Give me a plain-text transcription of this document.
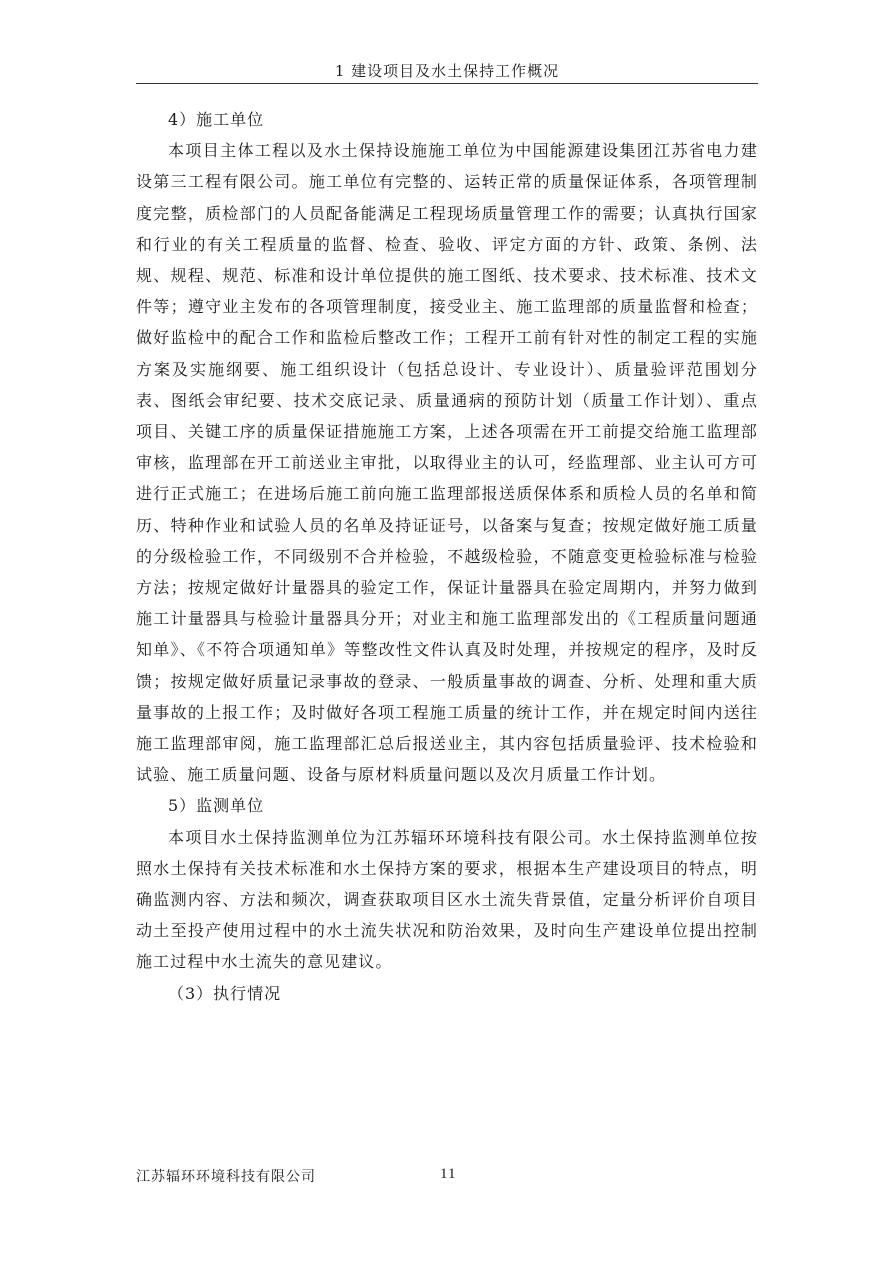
1 建设项目及水土保持工作概况

4）施工单位

本项目主体工程以及水土保持设施施工单位为中国能源建设集团江苏省电力建设第三工程有限公司。施工单位有完整的、运转正常的质量保证体系，各项管理制度完整，质检部门的人员配备能满足工程现场质量管理工作的需要；认真执行国家和行业的有关工程质量的监督、检查、验收、评定方面的方针、政策、条例、法规、规程、规范、标准和设计单位提供的施工图纸、技术要求、技术标准、技术文件等；遵守业主发布的各项管理制度，接受业主、施工监理部的质量监督和检查；做好监检中的配合工作和监检后整改工作；工程开工前有针对性的制定工程的实施方案及实施纲要、施工组织设计（包括总设计、专业设计）、质量验评范围划分表、图纸会审纪要、技术交底记录、质量通病的预防计划（质量工作计划）、重点项目、关键工序的质量保证措施施工方案，上述各项需在开工前提交给施工监理部审核，监理部在开工前送业主审批，以取得业主的认可，经监理部、业主认可方可进行正式施工；在进场后施工前向施工监理部报送质保体系和质检人员的名单和简历、特种作业和试验人员的名单及持证证号，以备案与复查；按规定做好施工质量的分级检验工作，不同级别不合并检验，不越级检验，不随意变更检验标准与检验方法；按规定做好计量器具的验定工作，保证计量器具在验定周期内，并努力做到施工计量器具与检验计量器具分开；对业主和施工监理部发出的《工程质量问题通知单》、《不符合项通知单》等整改性文件认真及时处理，并按规定的程序，及时反馈；按规定做好质量记录事故的登录、一般质量事故的调查、分析、处理和重大质量事故的上报工作；及时做好各项工程施工质量的统计工作，并在规定时间内送往施工监理部审阅，施工监理部汇总后报送业主，其内容包括质量验评、技术检验和试验、施工质量问题、设备与原材料质量问题以及次月质量工作计划。

5）监测单位

本项目水土保持监测单位为江苏辐环环境科技有限公司。水土保持监测单位按照水土保持有关技术标准和水土保持方案的要求，根据本生产建设项目的特点，明确监测内容、方法和频次，调查获取项目区水土流失背景值，定量分析评价自项目动土至投产使用过程中的水土流失状况和防治效果，及时向生产建设单位提出控制施工过程中水土流失的意见建议。

（3）执行情况

江苏辐环环境科技有限公司	11
